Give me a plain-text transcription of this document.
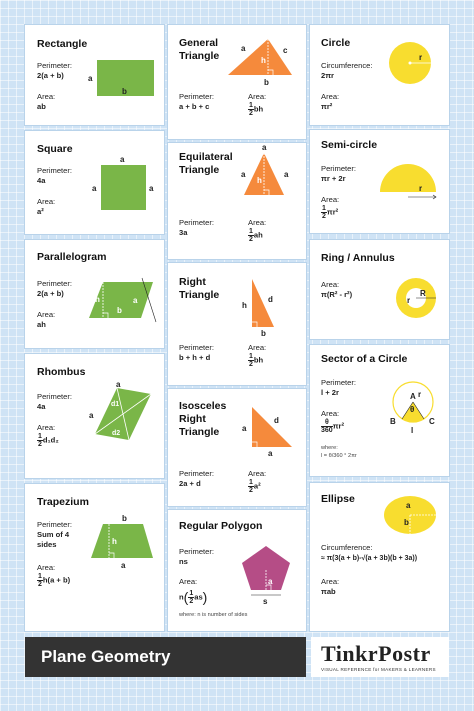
Rectangle
Perimeter:
2(a + b)
Area:
ab
a
b
Square
Perimeter:
4a
Area:
a²
a
a	a
Parallelogram
Perimeter:
2(a + b)
Area:
ah
h
b
a
Rhombus
Perimeter:
4a
Area:
$\frac{1}{2} d_1d_2$
a
d1
d2
a
Trapezium
Perimeter:
Sum of 4
sides
Area:
$\frac{1}{2} h(a + b)$
b
h
a
General
Triangle
Perimeter:
a + b + c
Area:
$\frac{1}{2}$ bh
a	c
h
b
Equilateral
Triangle
Perimeter:
3a
Area:
$\frac{1}{2}$ ah
a
a	a
h
Right
Triangle
Perimeter:
b + h + d
Area:
$\frac{1}{2}$ bh
h
d
b
Isosceles
Right
Triangle
Perimeter:
2a + d
Area:
$\frac{1}{2} a^2$
a
d
a
Regular Polygon
Perimeter:
ns
Area:
$n( \frac{1}{2} as)$
where: n is number of sides
a
s
Circle
Circumference:
2πr
Area:
πr²
r
Semi-circle
Perimeter:
πr + 2r
Area:
$\frac{1}{2} \pi r^2$
r
Ring / Annulus
Area:
π(R² - r²)	R
r
Sector of a Circle
Perimeter:
l + 2r
Area:
$\frac{\theta}{360} \pi r^2$
where:
l = θ/360 ° 2πr
A r
θ
B	C
l
Ellipse
Circumference:
≈ π(3(a + b)-√(a + 3b)(b + 3a))
Area:
πab
a
b
Plane Geometry	TinkrPostr
VISUAL REFERENCE for MAKERS & LEARNERS
